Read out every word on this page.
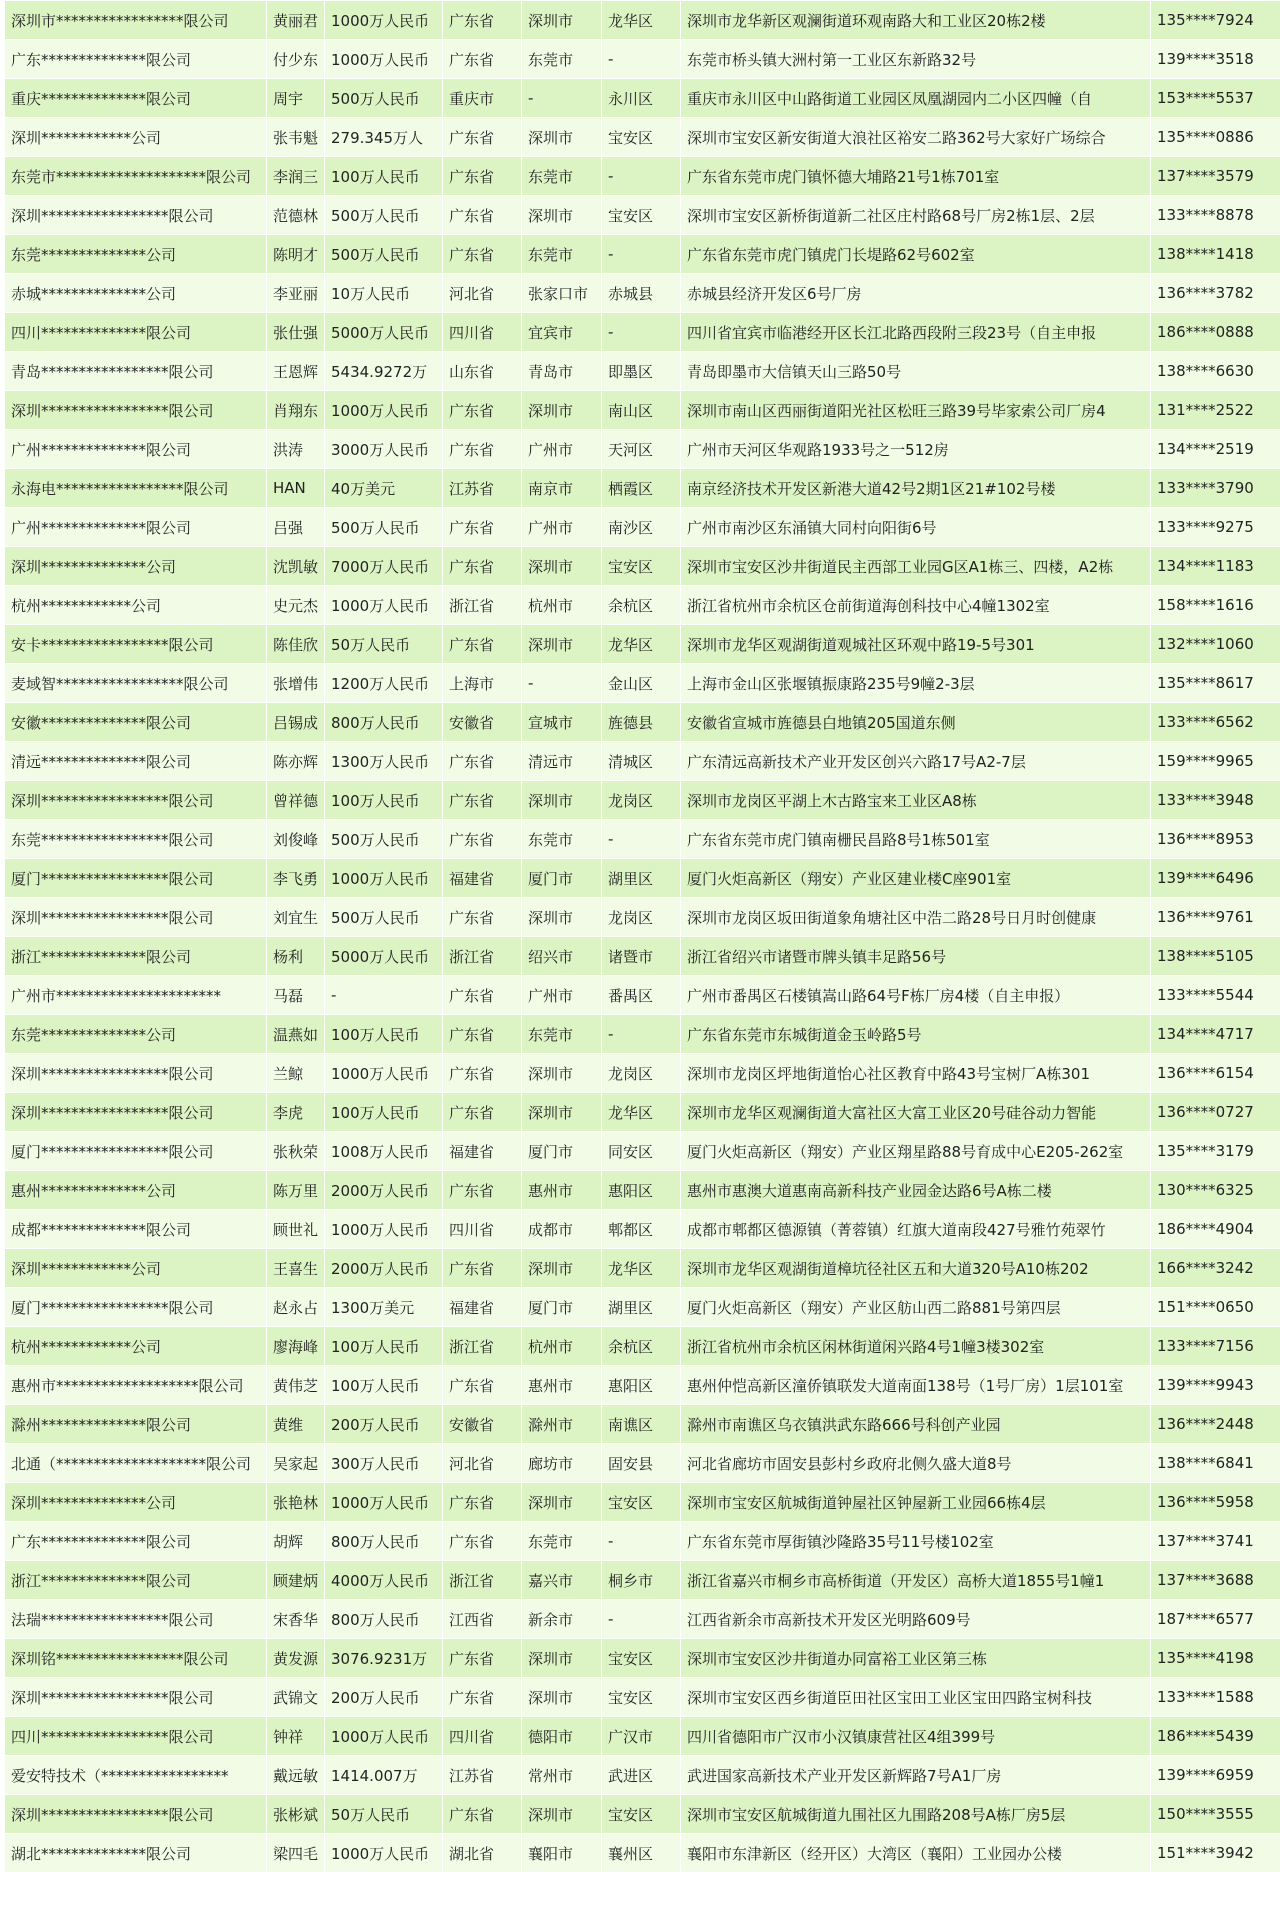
深圳市*****************限公司	黄丽君	1000万人民币	广东省	深圳市	龙华区	深圳市龙华新区观澜街道环观南路大和工业区20栋2楼	135****7924
广东**************限公司	付少东	1000万人民币	广东省	东莞市	-	东莞市桥头镇大洲村第一工业区东新路32号	139****3518
重庆**************限公司	周宇	500万人民币	重庆市	-	永川区	重庆市永川区中山路街道工业园区凤凰湖园内二小区四幢（自	153****5537
深圳************公司	张韦魁	279.345万人	广东省	深圳市	宝安区	深圳市宝安区新安街道大浪社区裕安二路362号大家好广场综合	135****0886
东莞市********************限公司	李润三	100万人民币	广东省	东莞市	-	广东省东莞市虎门镇怀德大埔路21号1栋701室	137****3579
深圳*****************限公司	范德林	500万人民币	广东省	深圳市	宝安区	深圳市宝安区新桥街道新二社区庄村路68号厂房2栋1层、2层	133****8878
东莞**************公司	陈明才	500万人民币	广东省	东莞市	-	广东省东莞市虎门镇虎门长堤路62号602室	138****1418
赤城**************公司	李亚丽	10万人民币	河北省	张家口市	赤城县	赤城县经济开发区6号厂房	136****3782
四川**************限公司	张仕强	5000万人民币	四川省	宜宾市	-	四川省宜宾市临港经开区长江北路西段附三段23号（自主申报	186****0888
青岛*****************限公司	王恩辉	5434.9272万	山东省	青岛市	即墨区	青岛即墨市大信镇天山三路50号	138****6630
深圳*****************限公司	肖翔东	1000万人民币	广东省	深圳市	南山区	深圳市南山区西丽街道阳光社区松旺三路39号毕家索公司厂房4	131****2522
广州**************限公司	洪涛	3000万人民币	广东省	广州市	天河区	广州市天河区华观路1933号之一512房	134****2519
永海电*****************限公司	HAN	40万美元	江苏省	南京市	栖霞区	南京经济技术开发区新港大道42号2期1区21#102号楼	133****3790
广州**************限公司	吕强	500万人民币	广东省	广州市	南沙区	广州市南沙区东涌镇大同村向阳街6号	133****9275
深圳**************公司	沈凯敏	7000万人民币	广东省	深圳市	宝安区	深圳市宝安区沙井街道民主西部工业园G区A1栋三、四楼，A2栋	134****1183
杭州************公司	史元杰	1000万人民币	浙江省	杭州市	余杭区	浙江省杭州市余杭区仓前街道海创科技中心4幢1302室	158****1616
安卡*****************限公司	陈佳欣	50万人民币	广东省	深圳市	龙华区	深圳市龙华区观湖街道观城社区环观中路19-5号301	132****1060
麦域智*****************限公司	张增伟	1200万人民币	上海市	-	金山区	上海市金山区张堰镇振康路235号9幢2-3层	135****8617
安徽**************限公司	吕锡成	800万人民币	安徽省	宣城市	旌德县	安徽省宣城市旌德县白地镇205国道东侧	133****6562
清远**************限公司	陈亦辉	1300万人民币	广东省	清远市	清城区	广东清远高新技术产业开发区创兴六路17号A2-7层	159****9965
深圳*****************限公司	曾祥德	100万人民币	广东省	深圳市	龙岗区	深圳市龙岗区平湖上木古路宝来工业区A8栋	133****3948
东莞*****************限公司	刘俊峰	500万人民币	广东省	东莞市	-	广东省东莞市虎门镇南栅民昌路8号1栋501室	136****8953
厦门*****************限公司	李飞勇	1000万人民币	福建省	厦门市	湖里区	厦门火炬高新区（翔安）产业区建业楼C座901室	139****6496
深圳*****************限公司	刘宜生	500万人民币	广东省	深圳市	龙岗区	深圳市龙岗区坂田街道象角塘社区中浩二路28号日月时创健康	136****9761
浙江**************限公司	杨利	5000万人民币	浙江省	绍兴市	诸暨市	浙江省绍兴市诸暨市牌头镇丰足路56号	138****5105
广州市**********************	马磊	-	广东省	广州市	番禺区	广州市番禺区石楼镇嵩山路64号F栋厂房4楼（自主申报）	133****5544
东莞**************公司	温燕如	100万人民币	广东省	东莞市	-	广东省东莞市东城街道金玉岭路5号	134****4717
深圳*****************限公司	兰鲸	1000万人民币	广东省	深圳市	龙岗区	深圳市龙岗区坪地街道怡心社区教育中路43号宝树厂A栋301	136****6154
深圳*****************限公司	李虎	100万人民币	广东省	深圳市	龙华区	深圳市龙华区观澜街道大富社区大富工业区20号硅谷动力智能	136****0727
厦门*****************限公司	张秋荣	1008万人民币	福建省	厦门市	同安区	厦门火炬高新区（翔安）产业区翔星路88号育成中心E205-262室	135****3179
惠州**************公司	陈万里	2000万人民币	广东省	惠州市	惠阳区	惠州市惠澳大道惠南高新科技产业园金达路6号A栋二楼	130****6325
成都**************限公司	顾世礼	1000万人民币	四川省	成都市	郫都区	成都市郫都区德源镇（菁蓉镇）红旗大道南段427号雅竹苑翠竹	186****4904
深圳************公司	王喜生	2000万人民币	广东省	深圳市	龙华区	深圳市龙华区观湖街道樟坑径社区五和大道320号A10栋202	166****3242
厦门*****************限公司	赵永占	1300万美元	福建省	厦门市	湖里区	厦门火炬高新区（翔安）产业区舫山西二路881号第四层	151****0650
杭州************公司	廖海峰	100万人民币	浙江省	杭州市	余杭区	浙江省杭州市余杭区闲林街道闲兴路4号1幢3楼302室	133****7156
惠州市*******************限公司	黄伟芝	100万人民币	广东省	惠州市	惠阳区	惠州仲恺高新区潼侨镇联发大道南面138号（1号厂房）1层101室	139****9943
滁州**************限公司	黄维	200万人民币	安徽省	滁州市	南谯区	滁州市南谯区乌衣镇洪武东路666号科创产业园	136****2448
北通（********************限公司	吴家起	300万人民币	河北省	廊坊市	固安县	河北省廊坊市固安县彭村乡政府北侧久盛大道8号	138****6841
深圳**************公司	张艳林	1000万人民币	广东省	深圳市	宝安区	深圳市宝安区航城街道钟屋社区钟屋新工业园66栋4层	136****5958
广东**************限公司	胡辉	800万人民币	广东省	东莞市	-	广东省东莞市厚街镇沙隆路35号11号楼102室	137****3741
浙江**************限公司	顾建炳	4000万人民币	浙江省	嘉兴市	桐乡市	浙江省嘉兴市桐乡市高桥街道（开发区）高桥大道1855号1幢1	137****3688
法瑞*****************限公司	宋香华	800万人民币	江西省	新余市	-	江西省新余市高新技术开发区光明路609号	187****6577
深圳铭*****************限公司	黄发源	3076.9231万	广东省	深圳市	宝安区	深圳市宝安区沙井街道办同富裕工业区第三栋	135****4198
深圳*****************限公司	武锦文	200万人民币	广东省	深圳市	宝安区	深圳市宝安区西乡街道臣田社区宝田工业区宝田四路宝树科技	133****1588
四川*****************限公司	钟祥	1000万人民币	四川省	德阳市	广汉市	四川省德阳市广汉市小汉镇康营社区4组399号	186****5439
爱安特技术（*****************	戴远敏	1414.007万	江苏省	常州市	武进区	武进国家高新技术产业开发区新辉路7号A1厂房	139****6959
深圳*****************限公司	张彬斌	50万人民币	广东省	深圳市	宝安区	深圳市宝安区航城街道九围社区九围路208号A栋厂房5层	150****3555
湖北**************限公司	梁四毛	1000万人民币	湖北省	襄阳市	襄州区	襄阳市东津新区（经开区）大湾区（襄阳）工业园办公楼	151****3942
